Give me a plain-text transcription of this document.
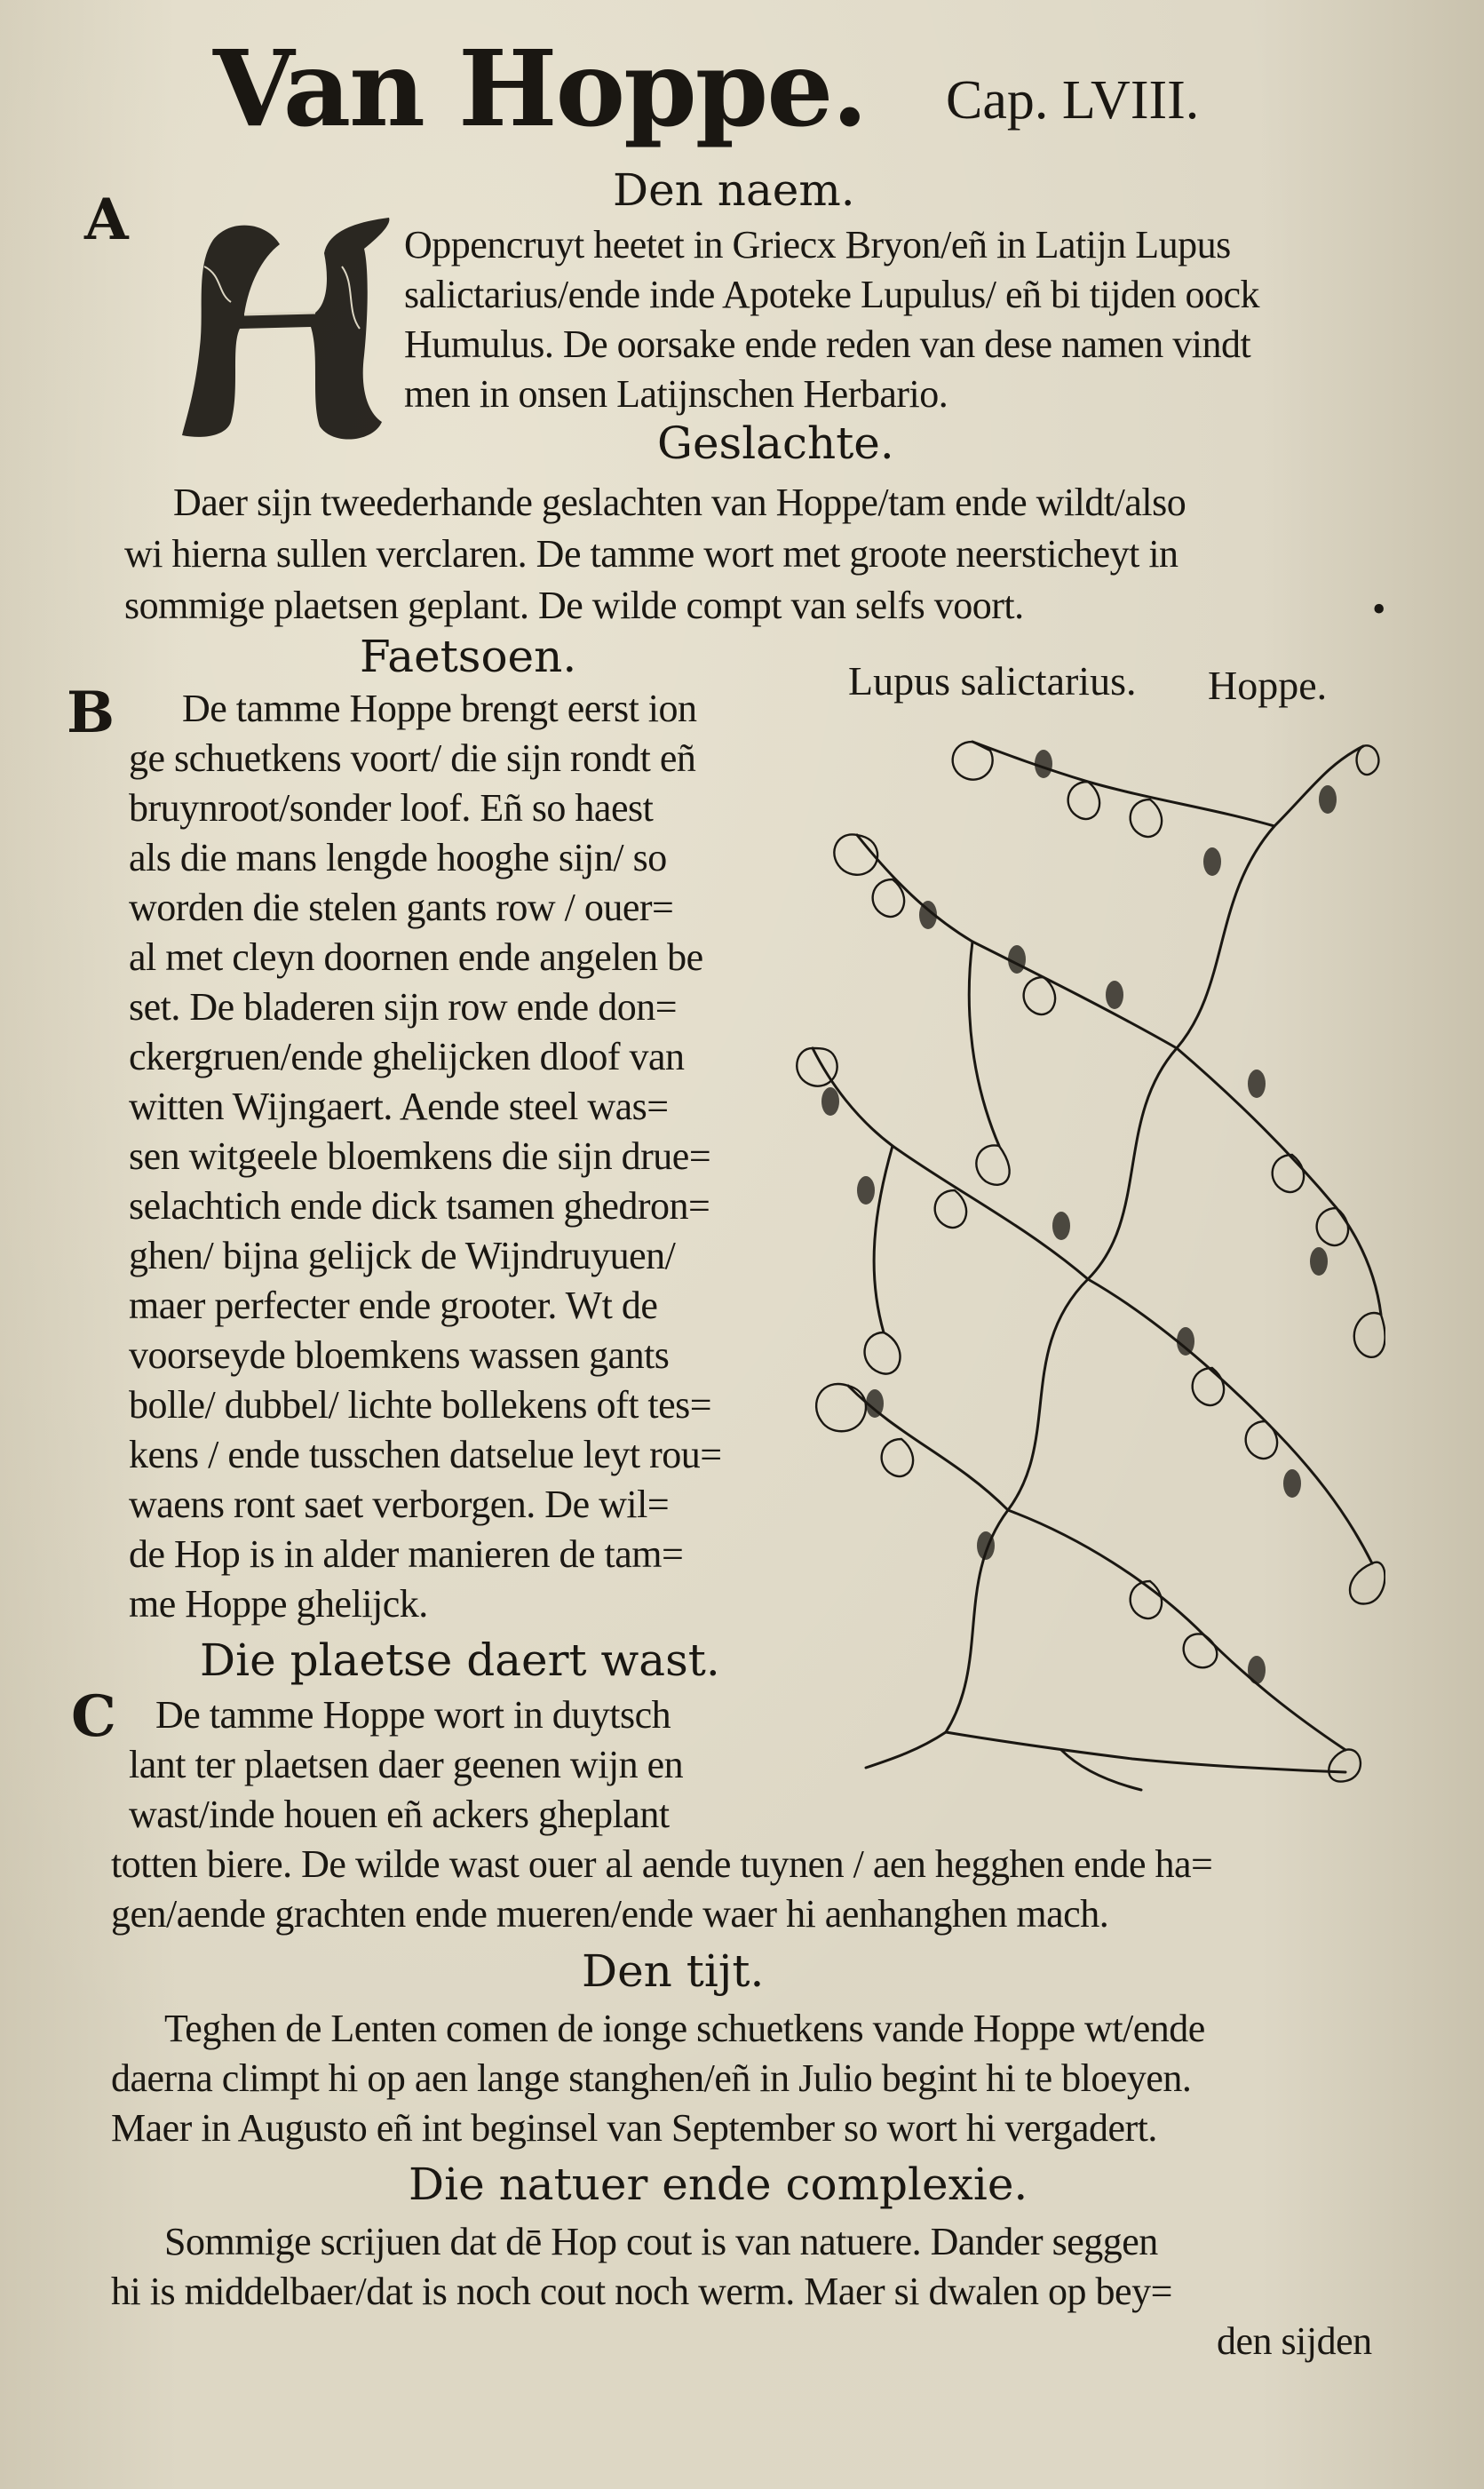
Van Hoppe. Cap. LVIII.
Den naem.
A	Oppencruyt heetet in Griecx Bryon/eñ in Latijn Lupus
salictarius/ende inde Apoteke Lupulus/ eñ bi tijden oock
Humulus. De oorsake ende reden van dese namen vindt
men in onsen Latijnschen Herbario.
Geslachte.
Daer sijn tweederhande geslachten van Hoppe/tam ende wildt/also
wi hierna sullen verclaren. De tamme wort met groote neersticheyt in
sommige plaetsen geplant. De wilde compt van selfs voort.	•
Faetsoen.
B De tamme Hoppe brengt eerst ion
ge schuetkens voort/ die sijn rondt eñ
bruynroot/sonder loof. Eñ so haest
als die mans lengde hooghe sijn/ so
worden die stelen gants row / ouer=
al met cleyn doornen ende angelen be
set. De bladeren sijn row ende don=
ckergruen/ende ghelijcken dloof van
witten Wijngaert. Aende steel was=
sen witgeele bloemkens die sijn drue=
selachtich ende dick tsamen ghedron=
ghen/ bijna gelijck de Wijndruyuen/
maer perfecter ende grooter. Wt de
voorseyde bloemkens wassen gants
bolle/ dubbel/ lichte bollekens oft tes=
kens / ende tusschen datselue leyt rou=
waens ront saet verborgen. De wil=
de Hop is in alder manieren de tam=
me Hoppe ghelijck.
Lupus salictarius. Hoppe.
Die plaetse daert wast.
C De tamme Hoppe wort in duytsch
lant ter plaetsen daer geenen wijn en
wast/inde houen eñ ackers gheplant
totten biere. De wilde wast ouer al aende tuynen / aen hegghen ende ha=
gen/aende grachten ende mueren/ende waer hi aenhanghen mach.
Den tijt.
Teghen de Lenten comen de ionge schuetkens vande Hoppe wt/ende
daerna climpt hi op aen lange stanghen/eñ in Julio begint hi te bloeyen.
Maer in Augusto eñ int beginsel van September so wort hi vergadert.
Die natuer ende complexie.
Sommige scrijuen dat dē Hop cout is van natuere. Dander seggen
hi is middelbaer/dat is noch cout noch werm. Maer si dwalen op bey=
den sijden
